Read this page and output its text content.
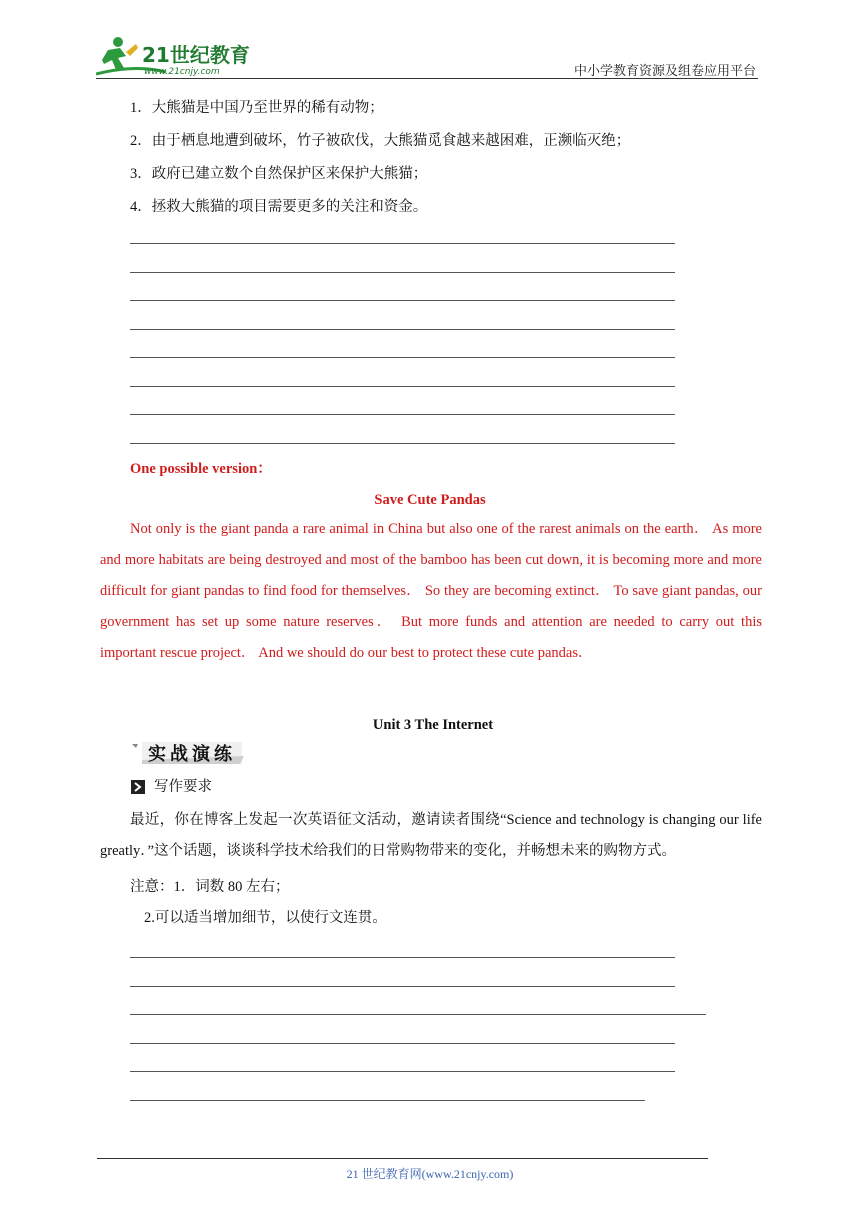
21世纪教育
www.21cnjy.com	中小学教育资源及组卷应用平台
1．大熊猫是中国乃至世界的稀有动物；
2．由于栖息地遭到破坏，竹子被砍伐，大熊猫觅食越来越困难，正濒临灭绝；
3．政府已建立数个自然保护区来保护大熊猫；
4．拯救大熊猫的项目需要更多的关注和资金。
One possible version：
Save Cute Pandas
Not only is the giant panda a rare animal in China but also one of the rarest animals on the earth． As more and more habitats are being destroyed and most of the bamboo has been cut down, it is becoming more and more difficult for giant pandas to find food for themselves． So they are becoming extinct． To save giant pandas, our government has set up some nature reserves． But more funds and attention are needed to carry out this important rescue project． And we should do our best to protect these cute pandas．
Unit 3 The Internet
实战演练
写作要求
最近，你在博客上发起一次英语征文活动，邀请读者围绕“Science and technology is changing our life greatly．”这个话题，谈谈科学技术给我们的日常购物带来的变化，并畅想未来的购物方式。
注意：1．词数 80 左右；
2.可以适当增加细节，以使行文连贯。
21 世纪教育网(www.21cnjy.com)
